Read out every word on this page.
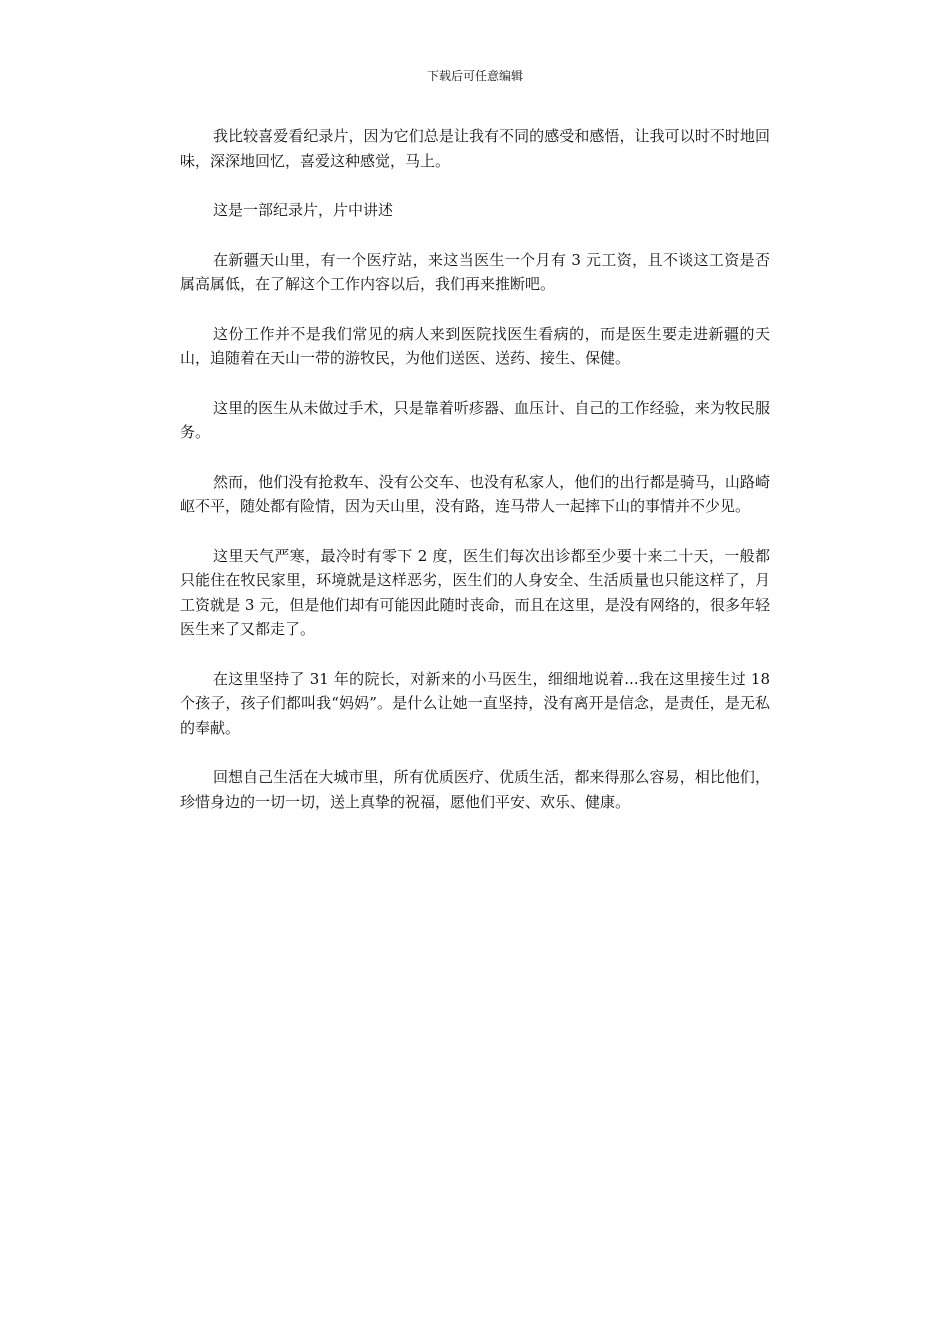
下载后可任意编辑

我比较喜爱看纪录片，因为它们总是让我有不同的感受和感悟，让我可以时不时地回味，深深地回忆，喜爱这种感觉，马上。

这是一部纪录片，片中讲述

在新疆天山里，有一个医疗站，来这当医生一个月有 3 元工资，且不谈这工资是否属高属低，在了解这个工作内容以后，我们再来推断吧。

这份工作并不是我们常见的病人来到医院找医生看病的，而是医生要走进新疆的天山，追随着在天山一带的游牧民，为他们送医、送药、接生、保健。

这里的医生从未做过手术，只是靠着听疹器、血压计、自己的工作经验，来为牧民服务。

然而，他们没有抢救车、没有公交车、也没有私家人，他们的出行都是骑马，山路崎岖不平，随处都有险情，因为天山里，没有路，连马带人一起摔下山的事情并不少见。

这里天气严寒，最冷时有零下 2 度，医生们每次出诊都至少要十来二十天，一般都只能住在牧民家里，环境就是这样恶劣，医生们的人身安全、生活质量也只能这样了，月工资就是 3 元，但是他们却有可能因此随时丧命，而且在这里，是没有网络的，很多年轻医生来了又都走了。

在这里坚持了 31 年的院长，对新来的小马医生，细细地说着...我在这里接生过 18 个孩子，孩子们都叫我“妈妈”。是什么让她一直坚持，没有离开是信念，是责任，是无私的奉献。

回想自己生活在大城市里，所有优质医疗、优质生活，都来得那么容易，相比他们，珍惜身边的一切一切，送上真挚的祝福，愿他们平安、欢乐、健康。
